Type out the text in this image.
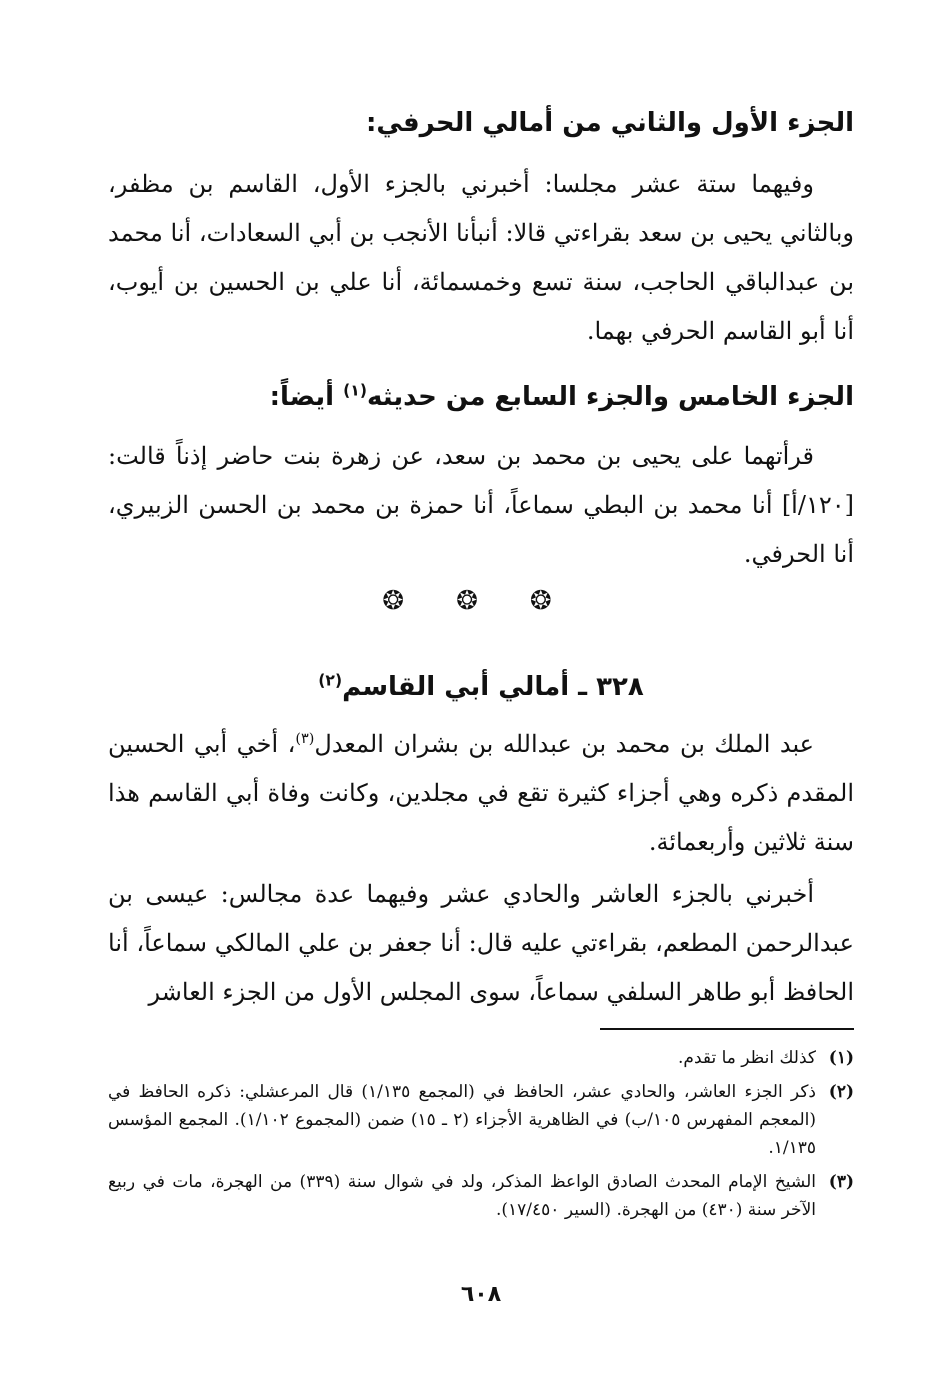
الجزء الأول والثاني من أمالي الحرفي:

وفيهما ستة عشر مجلسا: أخبرني بالجزء الأول، القاسم بن مظفر، وبالثاني يحيى بن سعد بقراءتي قالا: أنبأنا الأنجب بن أبي السعادات، أنا محمد بن عبدالباقي الحاجب، سنة تسع وخمسمائة، أنا علي بن الحسين بن أيوب، أنا أبو القاسم الحرفي بهما.

الجزء الخامس والجزء السابع من حديثه$^{(١)}$ أيضاً:

قرأتهما على يحيى بن محمد بن سعد، عن زهرة بنت حاضر إذناً قالت: [١٢٠/أ] أنا محمد بن البطي سماعاً، أنا حمزة بن محمد بن الحسن الزبيري، أنا الحرفي.

❂ ❂ ❂
٣٢٨ ـ أمالي أبي القاسم$^{(٢)}$

عبد الملك بن محمد بن عبدالله بن بشران المعدل$^{(٣)}$، أخي أبي الحسين المقدم ذكره وهي أجزاء كثيرة تقع في مجلدين، وكانت وفاة أبي القاسم هذا سنة ثلاثين وأربعمائة.

أخبرني بالجزء العاشر والحادي عشر وفيهما عدة مجالس: عيسى بن عبدالرحمن المطعم، بقراءتي عليه قال: أنا جعفر بن علي المالكي سماعاً، أنا الحافظ أبو طاهر السلفي سماعاً، سوى المجلس الأول من الجزء العاشر

(١)
كذلك انظر ما تقدم.
(٢)
ذكر الجزء العاشر، والحادي عشر، الحافظ في (المجمع ١/١٣٥) قال المرعشلي: ذكره الحافظ في (المعجم المفهرس ١٠٥/ب) في الظاهرية الأجزاء (٢ ـ ١٥) ضمن (المجموع ١/١٠٢). المجمع المؤسس ١/١٣٥.
(٣)
الشيخ الإمام المحدث الصادق الواعظ المذكر، ولد في شوال سنة (٣٣٩) من الهجرة، مات في ربيع الآخر سنة (٤٣٠) من الهجرة. (السير ١٧/٤٥٠).
٦٠٨
